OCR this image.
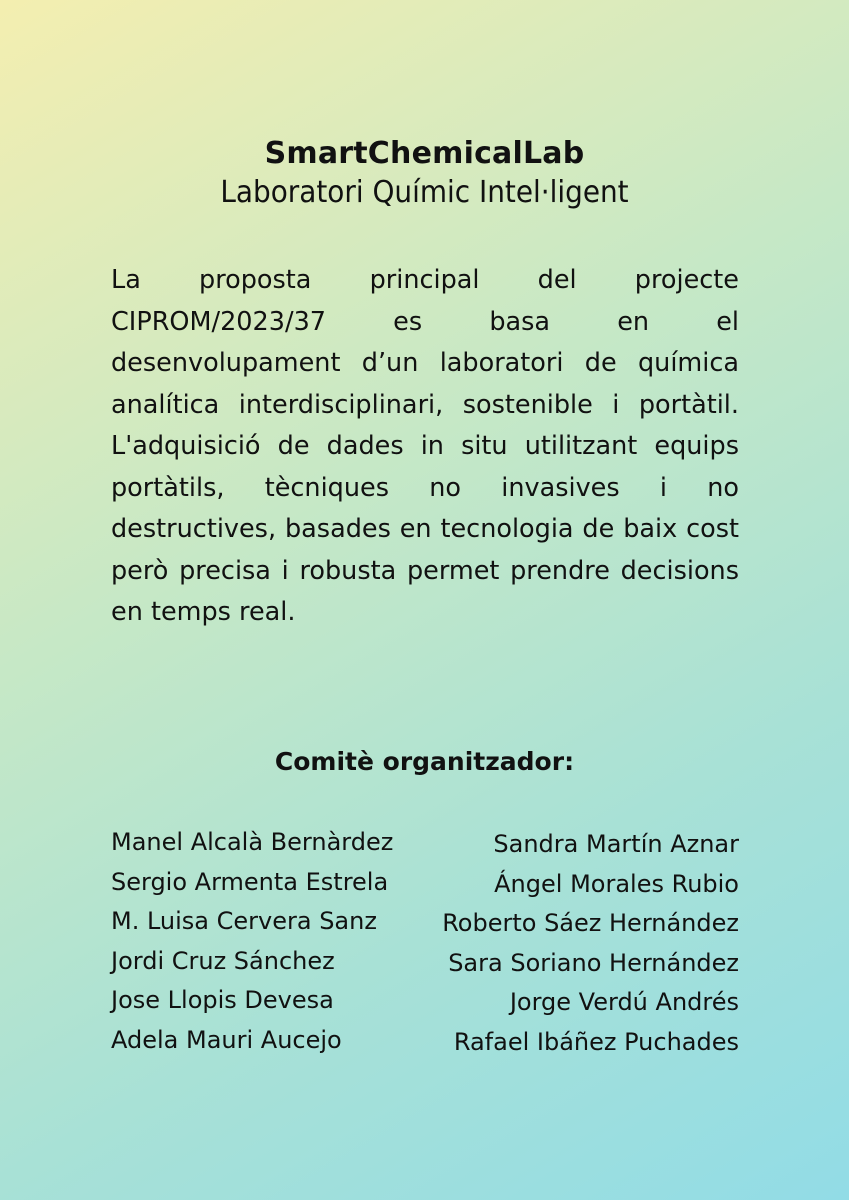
SmartChemicalLab
Laboratori Químic Intel·ligent

La proposta principal del projecte CIPROM/2023/37 es basa en el desenvolupament d’un laboratori de química analítica interdisciplinari, sostenible i portàtil. L'adquisició de dades in situ utilitzant equips portàtils, tècniques no invasives i no destructives, basades en tecnologia de baix cost però precisa i robusta permet prendre decisions en temps real.

Comitè organitzador:
Manel Alcalà Bernàrdez
Sergio Armenta Estrela
M. Luisa Cervera Sanz
Jordi Cruz Sánchez
Jose Llopis Devesa
Adela Mauri Aucejo
Sandra Martín Aznar
Ángel Morales Rubio
Roberto Sáez Hernández
Sara Soriano Hernández
Jorge Verdú Andrés
Rafael Ibáñez Puchades
